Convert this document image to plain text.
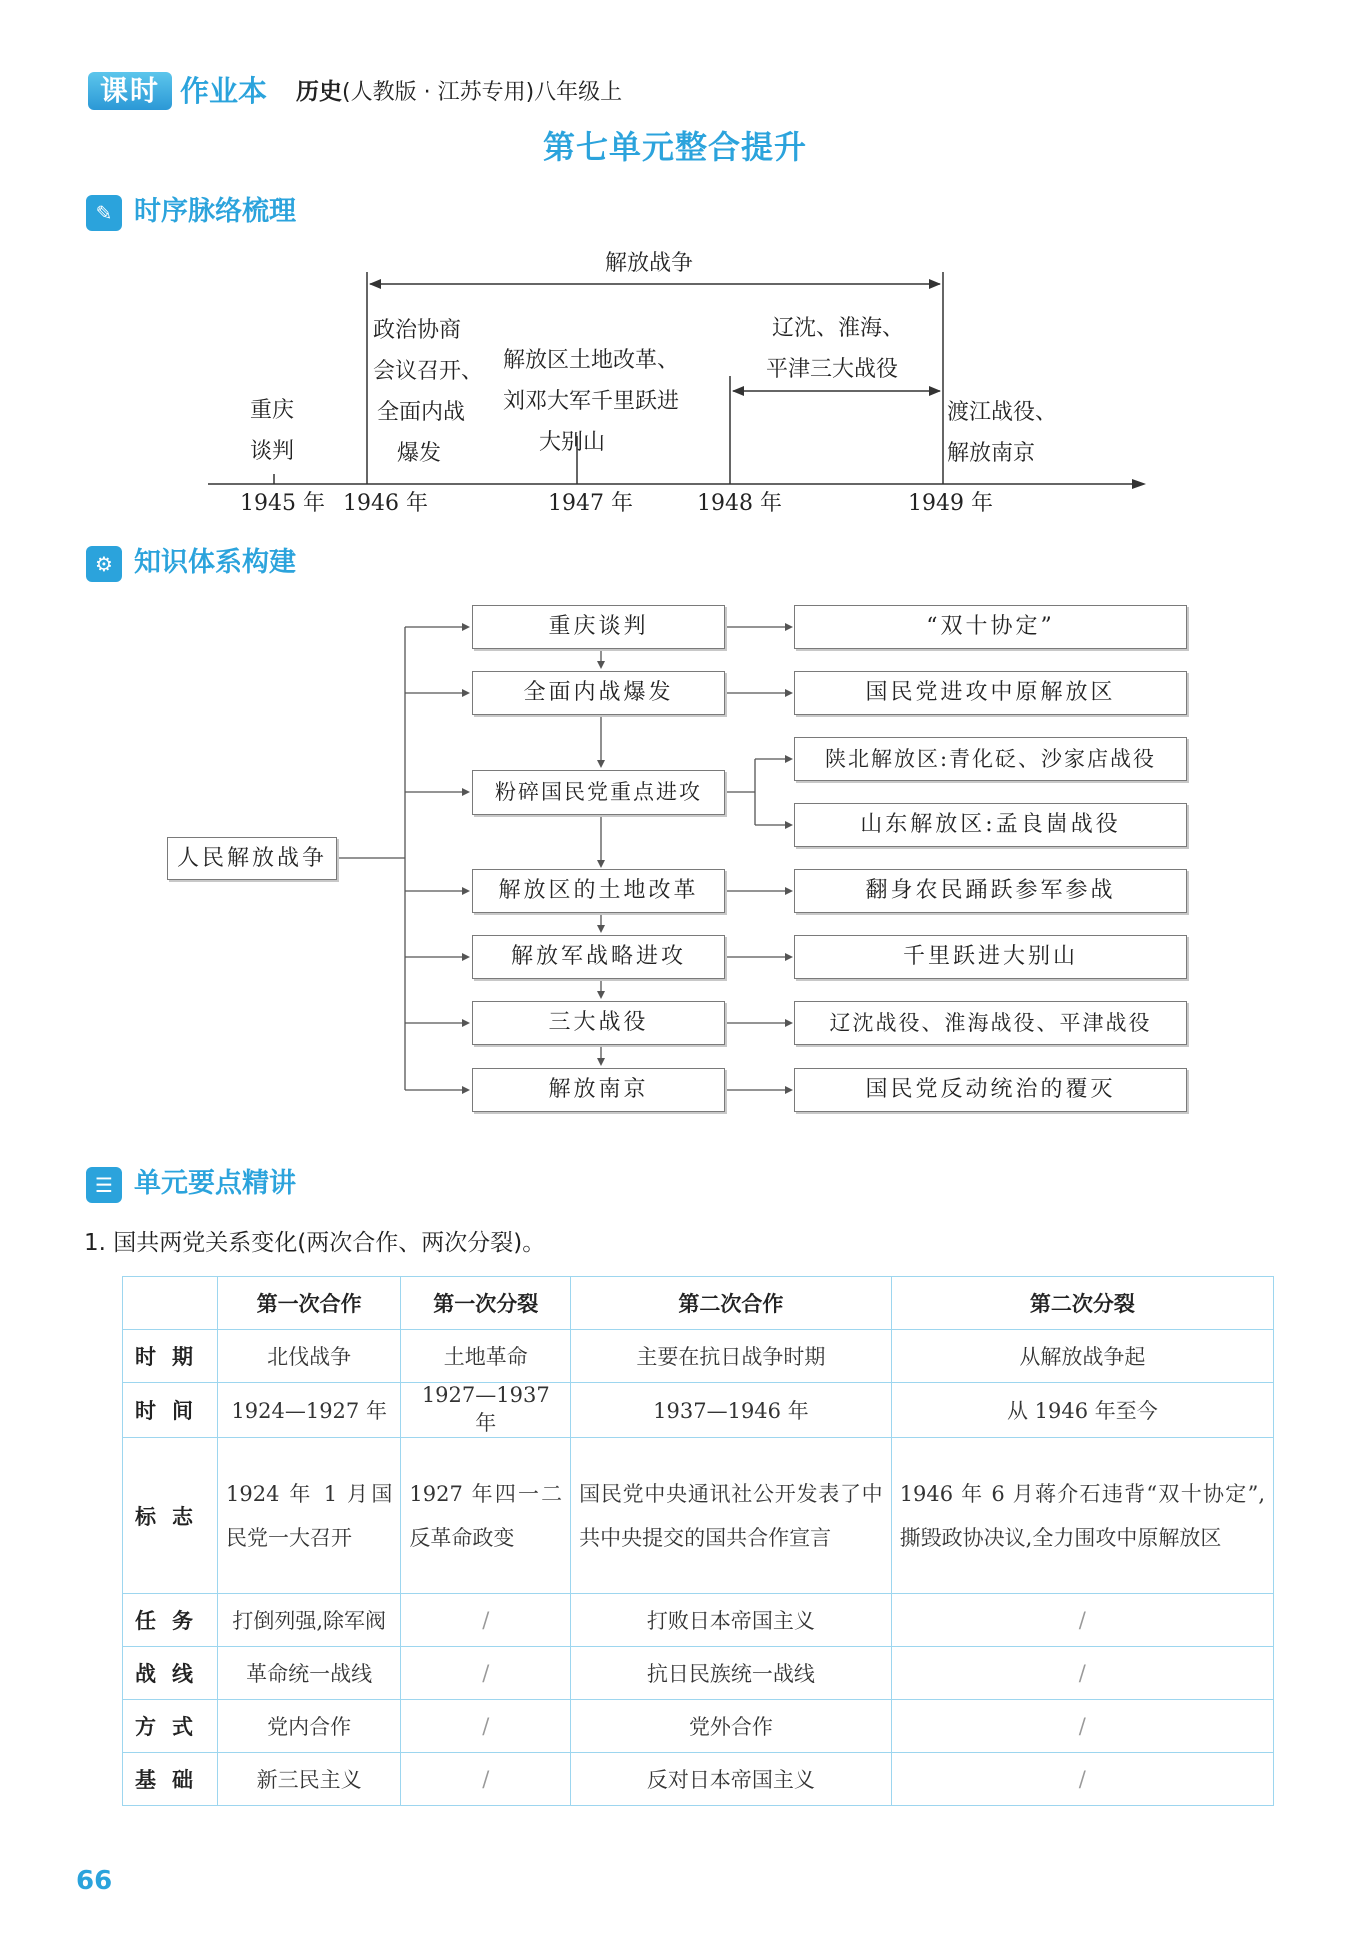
课时 作业本 历史(人教版 · 江苏专用)八年级上
第七单元整合提升
✎ 时序脉络梳理
解放战争
重庆
谈判
政治协商
会议召开、
全面内战
爆发
解放区土地改革、
刘邓大军千里跃进
大别山
辽沈、淮海、
平津三大战役
渡江战役、
解放南京
1945 年 1946 年	1947 年	1948 年	1949 年
⚙ 知识体系构建
人民解放战争
重庆谈判
全面内战爆发
粉碎国民党重点进攻
解放区的土地改革
解放军战略进攻
三大战役
解放南京
“双十协定”
国民党进攻中原解放区
陕北解放区:青化砭、沙家店战役
山东解放区:孟良崮战役
翻身农民踊跃参军参战
千里跃进大别山
辽沈战役、淮海战役、平津战役
国民党反动统治的覆灭
☰ 单元要点精讲
1. 国共两党关系变化(两次合作、两次分裂)。
	第一次合作	第一次分裂	第二次合作	第二次分裂
时期	北伐战争	土地革命	主要在抗日战争时期	从解放战争起
时间	1924—1927 年	1927—1937 年	1937—1946 年	从 1946 年至今
标志	1924 年 1 月国民党一大召开	1927 年四一二反革命政变	国民党中央通讯社公开发表了中共中央提交的国共合作宣言	1946 年 6 月蒋介石违背“双十协定”,撕毁政协决议,全力围攻中原解放区
任务	打倒列强,除军阀	/	打败日本帝国主义	/
战线	革命统一战线	/	抗日民族统一战线	/
方式	党内合作	/	党外合作	/
基础	新三民主义	/	反对日本帝国主义	/
66
